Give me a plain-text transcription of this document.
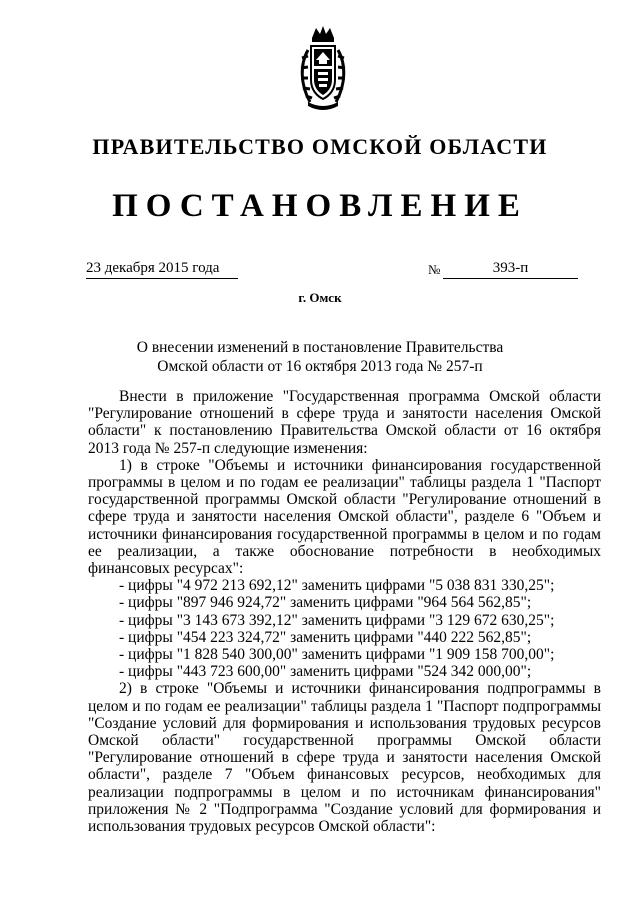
ПРАВИТЕЛЬСТВО ОМСКОЙ ОБЛАСТИ
ПОСТАНОВЛЕНИЕ
23 декабря 2015 года	№	393-п
г. Омск
О внесении изменений в постановление Правительства
Омской области от 16 октября 2013 года № 257-п

Внести в приложение "Государственная программа Омской области "Регулирование отношений в сфере труда и занятости населения Омской области" к постановлению Правительства Омской области от 16 октября 2013 года № 257-п следующие изменения:

1) в строке "Объемы и источники финансирования государственной программы в целом и по годам ее реализации" таблицы раздела 1 "Паспорт государственной программы Омской области "Регулирование отношений в сфере труда и занятости населения Омской области", разделе 6 "Объем и источники финансирования государственной программы в целом и по годам ее реализации, а также обоснование потребности в необходимых финансовых ресурсах":

- цифры "4 972 213 692,12" заменить цифрами "5 038 831 330,25";
- цифры "897 946 924,72" заменить цифрами "964 564 562,85";
- цифры "3 143 673 392,12" заменить цифрами "3 129 672 630,25";
- цифры "454 223 324,72" заменить цифрами "440 222 562,85";
- цифры "1 828 540 300,00" заменить цифрами "1 909 158 700,00";
- цифры "443 723 600,00" заменить цифрами "524 342 000,00";

2) в строке "Объемы и источники финансирования подпрограммы в целом и по годам ее реализации" таблицы раздела 1 "Паспорт подпрограммы "Создание условий для формирования и использования трудовых ресурсов Омской области" государственной программы Омской области "Регулирование отношений в сфере труда и занятости населения Омской области", разделе 7 "Объем финансовых ресурсов, необходимых для реализации подпрограммы в целом и по источникам финансирования" приложения № 2 "Подпрограмма "Создание условий для формирования и использования трудовых ресурсов Омской области":
